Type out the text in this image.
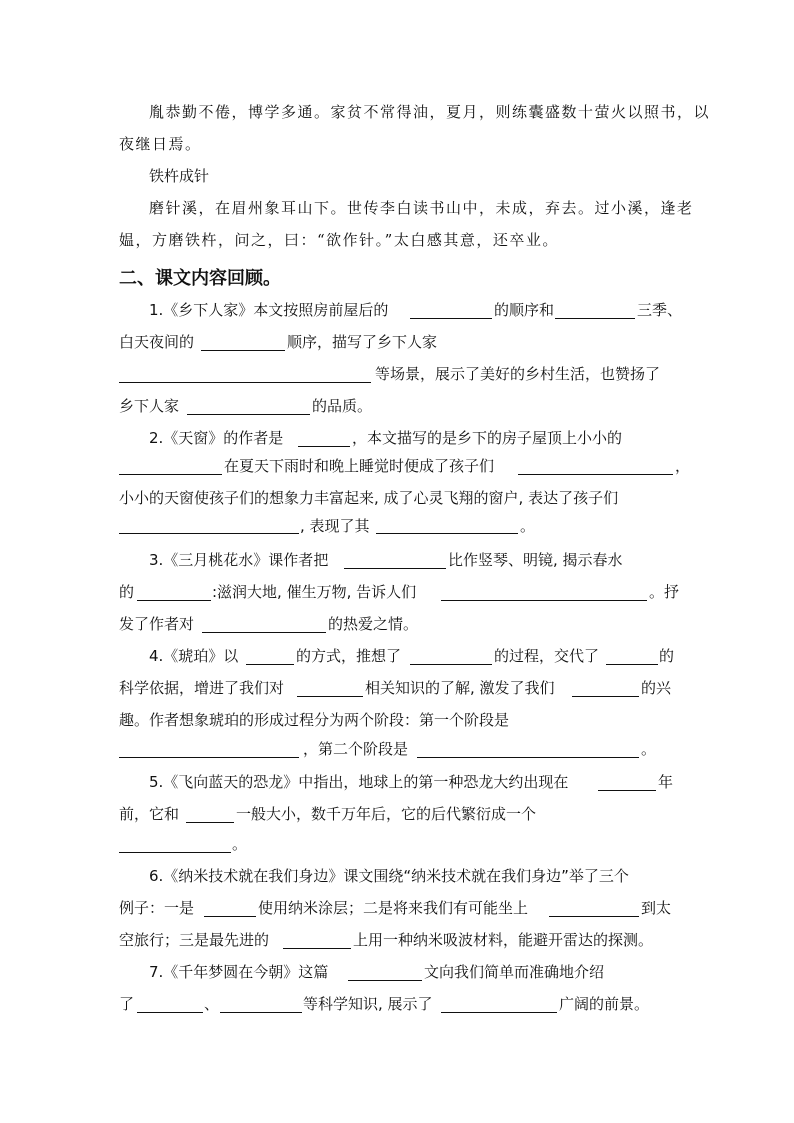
胤恭勤不倦，博学多通。家贫不常得油，夏月，则练囊盛数十萤火以照书，以
夜继日焉。
铁杵成针
磨针溪，在眉州象耳山下。世传李白读书山中，未成，弃去。过小溪，逢老
媪，方磨铁杵，问之，曰：“欲作针。”太白感其意，还卒业。
二、课文内容回顾。
1.《乡下人家》本文按照房前屋后的	的顺序和	三季、
白天夜间的	顺序，描写了乡下人家
等场景，展示了美好的乡村生活，也赞扬了
乡下人家	的品质。
2.《天窗》的作者是	，本文描写的是乡下的房子屋顶上小小的
在夏天下雨时和晚上睡觉时便成了孩子们	，
小小的天窗使孩子们的想象力丰富起来, 成了心灵飞翔的窗户, 表达了孩子们
, 表现了其	。
3.《三月桃花水》课作者把	比作竖琴、明镜, 揭示春水
的	:滋润大地, 催生万物, 告诉人们	。抒
发了作者对	的热爱之情。
4.《琥珀》以	的方式，推想了	的过程，交代了	的
科学依据，增进了我们对	相关知识的了解, 激发了我们	的兴
趣。作者想象琥珀的形成过程分为两个阶段：第一个阶段是
，第二个阶段是	。
5.《飞向蓝天的恐龙》中指出，地球上的第一种恐龙大约出现在	年
前，它和	一般大小，数千万年后，它的后代繁衍成一个
。
6.《纳米技术就在我们身边》课文围绕“纳米技术就在我们身边”举了三个
例子：一是	使用纳米涂层；二是将来我们有可能坐上	到太
空旅行；三是最先进的	上用一种纳米吸波材料，能避开雷达的探测。
7.《千年梦圆在今朝》这篇	文向我们简单而准确地介绍
了	、	等科学知识, 展示了	广阔的前景。
